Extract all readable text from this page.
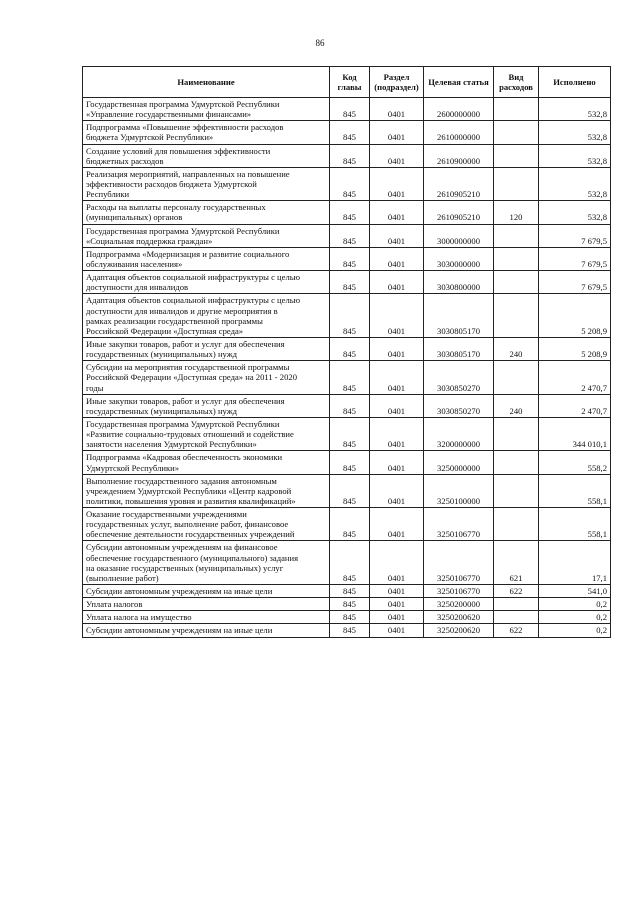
86
Наименование	Код главы	Раздел (подраздел)	Целевая статья	Вид расходов	Исполнено

Государственная программа Удмуртской Республики
«Управление государственными финансами»	845	0401	2600000000		532,8

Подпрограмма «Повышение эффективности расходов
бюджета Удмуртской Республики»	845	0401	2610000000		532,8

Создание условий для повышения эффективности
бюджетных расходов	845	0401	2610900000		532,8

Реализация мероприятий, направленных на повышение
эффективности расходов бюджета Удмуртской
Республики	845	0401	2610905210		532,8

Расходы на выплаты персоналу государственных
(муниципальных) органов	845	0401	2610905210	120	532,8

Государственная программа Удмуртской Республики
«Социальная поддержка граждан»	845	0401	3000000000		7 679,5

Подпрограмма «Модернизация и развитие социального
обслуживания населения»	845	0401	3030000000		7 679,5

Адаптация объектов социальной инфраструктуры с целью
доступности для инвалидов	845	0401	3030800000		7 679,5

Адаптация объектов социальной инфраструктуры с целью
доступности для инвалидов и другие мероприятия в
рамках реализации государственной программы
Российской Федерации «Доступная среда»	845	0401	3030805170		5 208,9

Иные закупки товаров, работ и услуг для обеспечения
государственных (муниципальных) нужд	845	0401	3030805170	240	5 208,9

Субсидии на мероприятия государственной программы
Российской Федерации «Доступная среда» на 2011 - 2020
годы	845	0401	3030850270		2 470,7

Иные закупки товаров, работ и услуг для обеспечения
государственных (муниципальных) нужд	845	0401	3030850270	240	2 470,7

Государственная программа Удмуртской Республики
«Развитие социально-трудовых отношений и содействие
занятости населения Удмуртской Республики»	845	0401	3200000000		344 010,1

Подпрограмма «Кадровая обеспеченность экономики
Удмуртской Республики»	845	0401	3250000000		558,2

Выполнение государственного задания автономным
учреждением Удмуртской Республики «Центр кадровой
политики, повышения уровня и развития квалификаций»	845	0401	3250100000		558,1

Оказание государственными учреждениями
государственных услуг, выполнение работ, финансовое
обеспечение деятельности государственных учреждений	845	0401	3250106770		558,1

Субсидии автономным учреждениям на финансовое
обеспечение государственного (муниципального) задания
на оказание государственных (муниципальных) услуг
(выполнение работ)	845	0401	3250106770	621	17,1

Субсидии автономным учреждениям на иные цели	845	0401	3250106770	622	541,0

Уплата налогов	845	0401	3250200000		0,2

Уплата налога на имущество	845	0401	3250200620		0,2

Субсидии автономным учреждениям на иные цели	845	0401	3250200620	622	0,2
